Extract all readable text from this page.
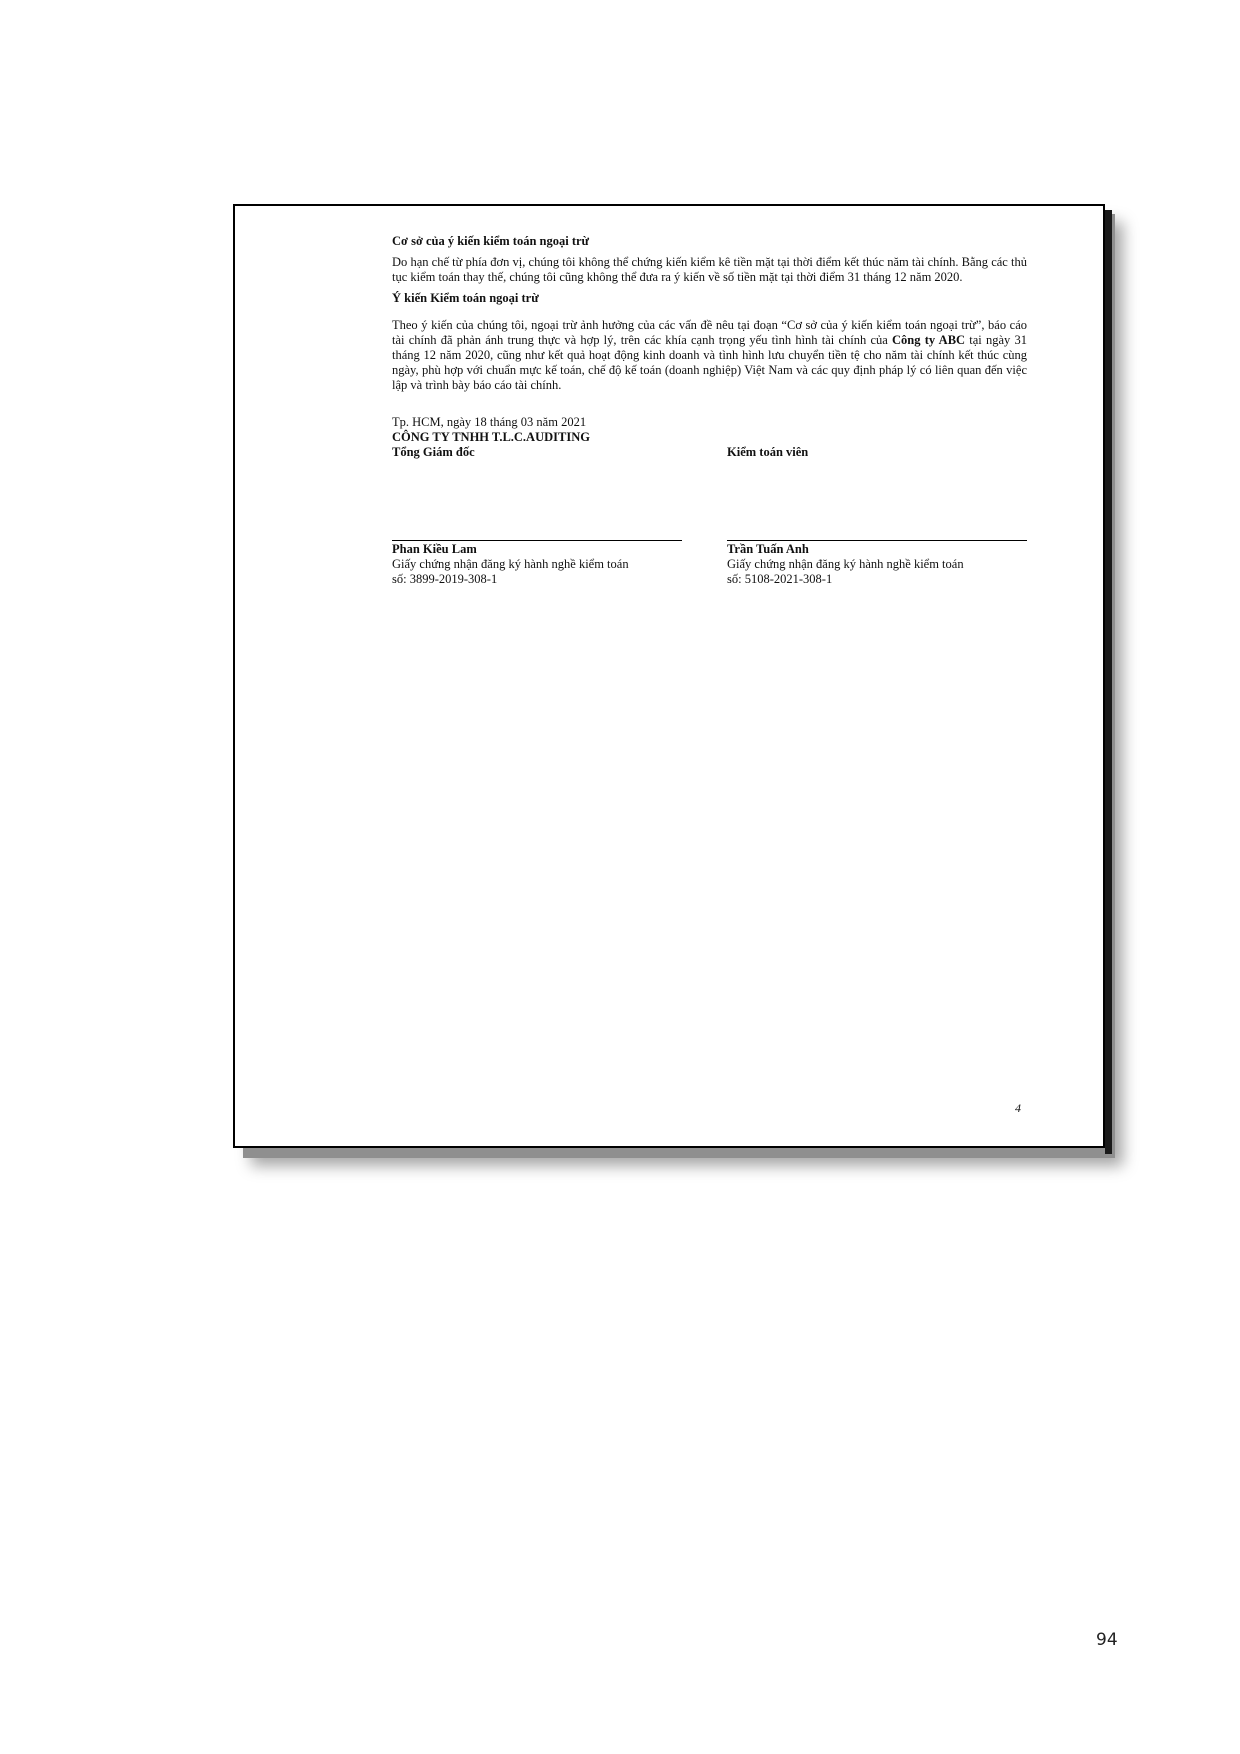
Cơ sở của ý kiến kiểm toán ngoại trừ

Do hạn chế từ phía đơn vị, chúng tôi không thể chứng kiến kiểm kê tiền mặt tại thời điểm kết thúc năm tài chính. Bằng các thủ tục kiểm toán thay thế, chúng tôi cũng không thể đưa ra ý kiến về số tiền mặt tại thời điểm 31 tháng 12 năm 2020.

Ý kiến Kiểm toán ngoại trừ

Theo ý kiến của chúng tôi, ngoại trừ ảnh hưởng của các vấn đề nêu tại đoạn “Cơ sở của ý kiến kiểm toán ngoại trừ”, báo cáo tài chính đã phản ánh trung thực và hợp lý, trên các khía cạnh trọng yếu tình hình tài chính của Công ty ABC tại ngày 31 tháng 12 năm 2020, cũng như kết quả hoạt động kinh doanh và tình hình lưu chuyển tiền tệ cho năm tài chính kết thúc cùng ngày, phù hợp với chuẩn mực kế toán, chế độ kế toán (doanh nghiệp) Việt Nam và các quy định pháp lý có liên quan đến việc lập và trình bày báo cáo tài chính.

Tp. HCM, ngày 18 tháng 03 năm 2021
CÔNG TY TNHH T.L.C.AUDITING
Tổng Giám đốc
Phan Kiều Lam
Giấy chứng nhận đăng ký hành nghề kiểm toán
số: 3899-2019-308-1
Kiểm toán viên
Trần Tuấn Anh
Giấy chứng nhận đăng ký hành nghề kiểm toán
số: 5108-2021-308-1
4
94
